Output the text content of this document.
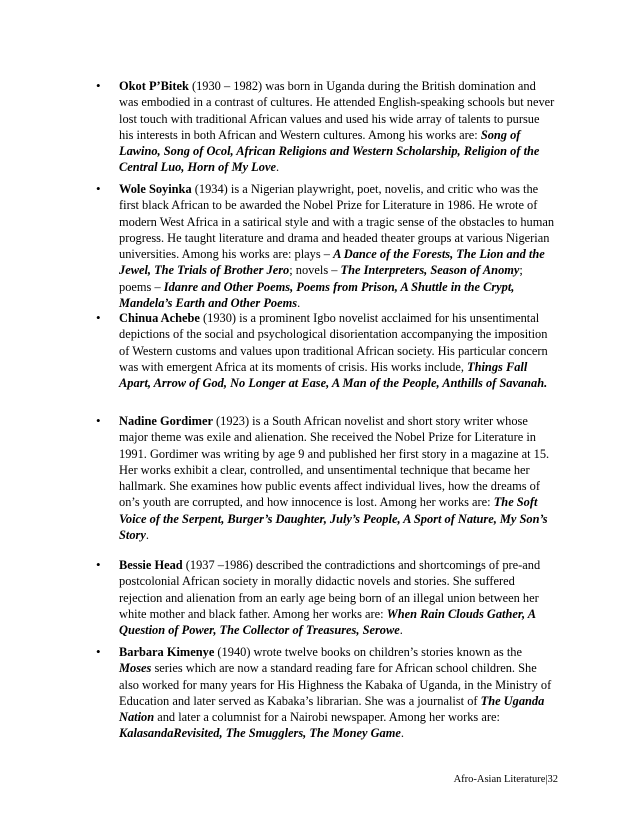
•	Okot P’Bitek (1930 – 1982) was born in Uganda during the British domination and was embodied in a contrast of cultures. He attended English-speaking schools but never lost touch with traditional African values and used his wide array of talents to pursue his interests in both African and Western cultures. Among his works are: Song of Lawino, Song of Ocol, African Religions and Western Scholarship, Religion of the Central Luo, Horn of My Love.
•	Wole Soyinka (1934) is a Nigerian playwright, poet, novelis, and critic who was the first black African to be awarded the Nobel Prize for Literature in 1986. He wrote of modern West Africa in a satirical style and with a tragic sense of the obstacles to human progress. He taught literature and drama and headed theater groups at various Nigerian universities. Among his works are: plays – A Dance of the Forests, The Lion and the Jewel, The Trials of Brother Jero; novels – The Interpreters, Season of Anomy; poems – Idanre and Other Poems, Poems from Prison, A Shuttle in the Crypt, Mandela’s Earth and Other Poems.
•	Chinua Achebe (1930) is a prominent Igbo novelist acclaimed for his unsentimental depictions of the social and psychological disorientation accompanying the imposition of Western customs and values upon traditional African society. His particular concern was with emergent Africa at its moments of crisis. His works include, Things Fall Apart, Arrow of God, No Longer at Ease, A Man of the People, Anthills of Savanah.
•	Nadine Gordimer (1923) is a South African novelist and short story writer whose major theme was exile and alienation. She received the Nobel Prize for Literature in 1991. Gordimer was writing by age 9 and published her first story in a magazine at 15. Her works exhibit a clear, controlled, and unsentimental technique that became her hallmark. She examines how public events affect individual lives, how the dreams of on’s youth are corrupted, and how innocence is lost. Among her works are: The Soft Voice of the Serpent, Burger’s Daughter, July’s People, A Sport of Nature, My Son’s Story.
•	Bessie Head (1937 –1986) described the contradictions and shortcomings of pre-and postcolonial African society in morally didactic novels and stories. She suffered rejection and alienation from an early age being born of an illegal union between her white mother and black father. Among her works are: When Rain Clouds Gather, A Question of Power, The Collector of Treasures, Serowe.
•	Barbara Kimenye (1940) wrote twelve books on children’s stories known as the Moses series which are now a standard reading fare for African school children. She also worked for many years for His Highness the Kabaka of Uganda, in the Ministry of Education and later served as Kabaka’s librarian. She was a journalist of The Uganda Nation and later a columnist for a Nairobi newspaper. Among her works are: KalasandaRevisited, The Smugglers, The Money Game.
Afro-Asian Literature|32
